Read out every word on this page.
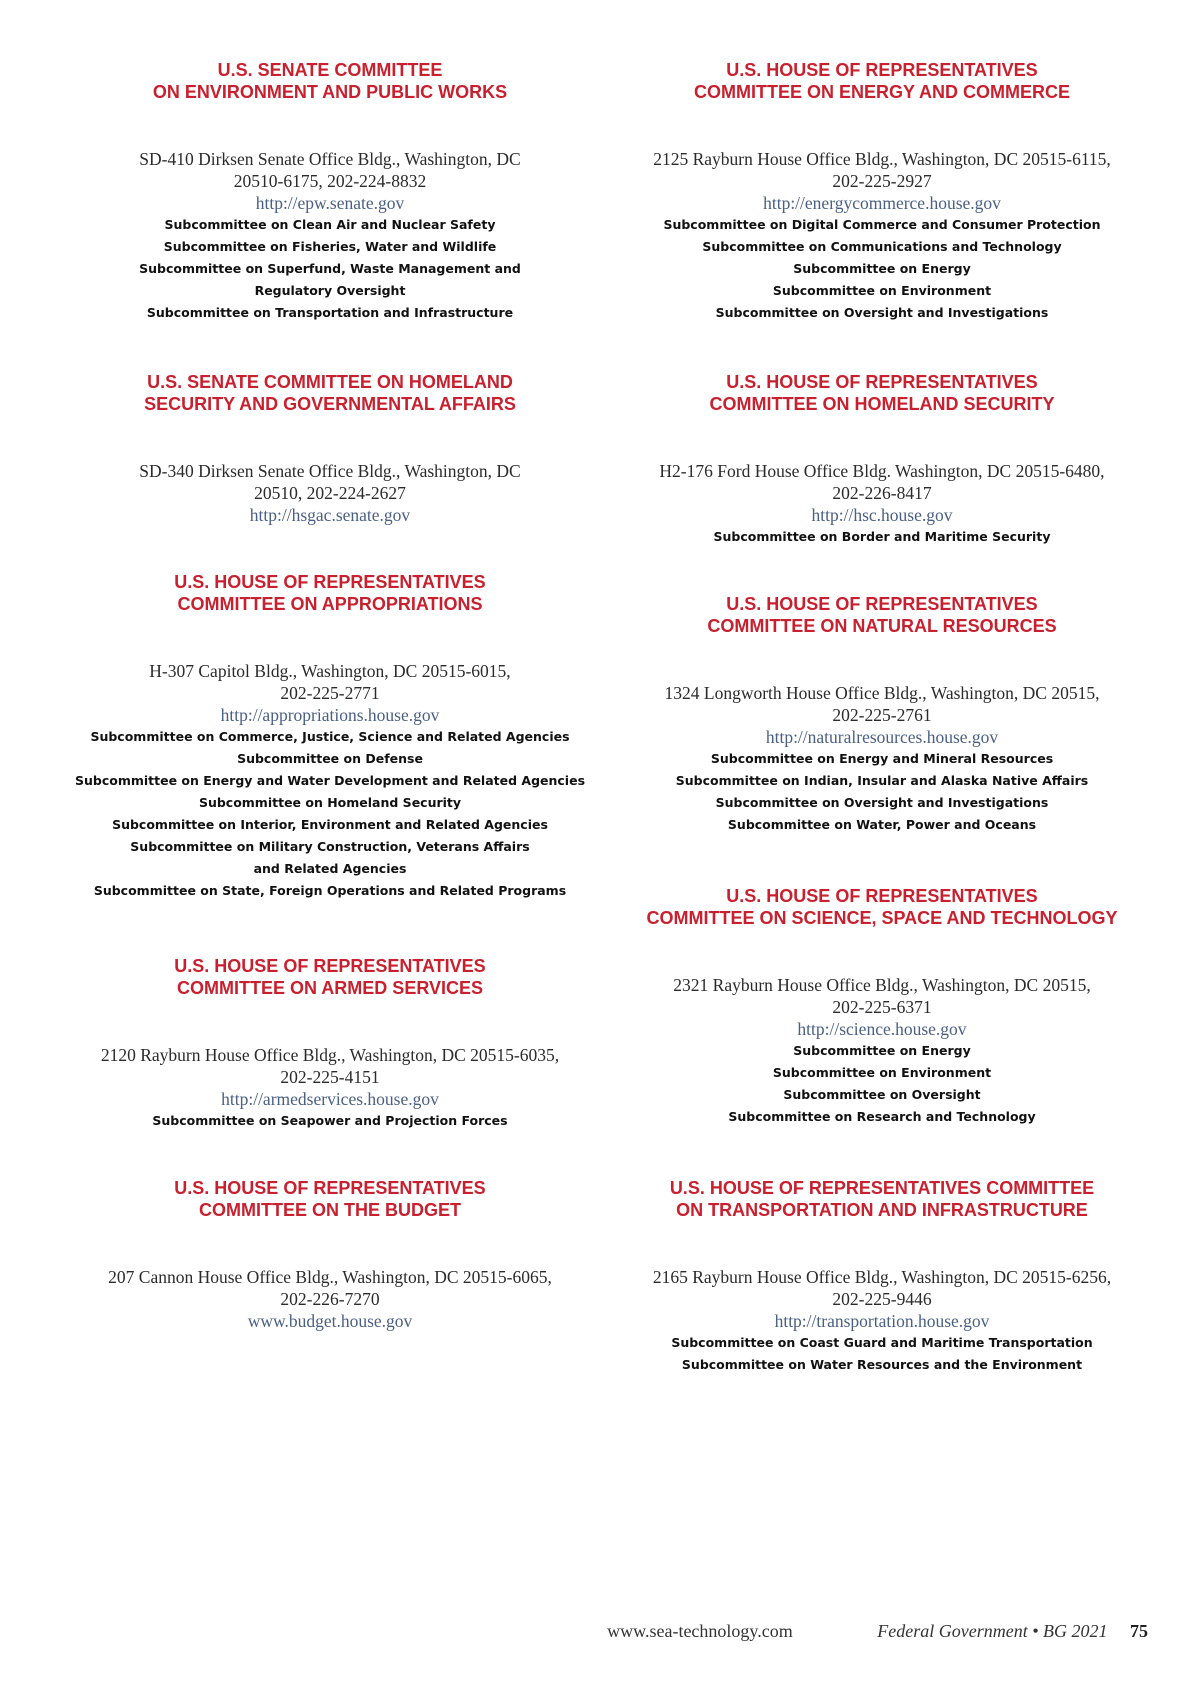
U.S. SENATE COMMITTEE
ON ENVIRONMENT AND PUBLIC WORKS

SD-410 Dirksen Senate Office Bldg., Washington, DC
20510-6175, 202-224-8832

http://epw.senate.gov
Subcommittee on Clean Air and Nuclear Safety
Subcommittee on Fisheries, Water and Wildlife
Subcommittee on Superfund, Waste Management and
Regulatory Oversight
Subcommittee on Transportation and Infrastructure
U.S. SENATE COMMITTEE ON HOMELAND
SECURITY AND GOVERNMENTAL AFFAIRS

SD-340 Dirksen Senate Office Bldg., Washington, DC
20510, 202-224-2627

http://hsgac.senate.gov
U.S. HOUSE OF REPRESENTATIVES
COMMITTEE ON APPROPRIATIONS

H-307 Capitol Bldg., Washington, DC 20515-6015,
202-225-2771

http://appropriations.house.gov
Subcommittee on Commerce, Justice, Science and Related Agencies
Subcommittee on Defense
Subcommittee on Energy and Water Development and Related Agencies
Subcommittee on Homeland Security
Subcommittee on Interior, Environment and Related Agencies
Subcommittee on Military Construction, Veterans Affairs
and Related Agencies
Subcommittee on State, Foreign Operations and Related Programs
U.S. HOUSE OF REPRESENTATIVES
COMMITTEE ON ARMED SERVICES

2120 Rayburn House Office Bldg., Washington, DC 20515-6035,
202-225-4151

http://armedservices.house.gov
Subcommittee on Seapower and Projection Forces
U.S. HOUSE OF REPRESENTATIVES
COMMITTEE ON THE BUDGET

207 Cannon House Office Bldg., Washington, DC 20515-6065,
202-226-7270

www.budget.house.gov
U.S. HOUSE OF REPRESENTATIVES
COMMITTEE ON ENERGY AND COMMERCE

2125 Rayburn House Office Bldg., Washington, DC 20515-6115,
202-225-2927

http://energycommerce.house.gov
Subcommittee on Digital Commerce and Consumer Protection
Subcommittee on Communications and Technology
Subcommittee on Energy
Subcommittee on Environment
Subcommittee on Oversight and Investigations
U.S. HOUSE OF REPRESENTATIVES
COMMITTEE ON HOMELAND SECURITY

H2-176 Ford House Office Bldg. Washington, DC 20515-6480,
202-226-8417

http://hsc.house.gov
Subcommittee on Border and Maritime Security
U.S. HOUSE OF REPRESENTATIVES
COMMITTEE ON NATURAL RESOURCES

1324 Longworth House Office Bldg., Washington, DC 20515,
202-225-2761

http://naturalresources.house.gov
Subcommittee on Energy and Mineral Resources
Subcommittee on Indian, Insular and Alaska Native Affairs
Subcommittee on Oversight and Investigations
Subcommittee on Water, Power and Oceans
U.S. HOUSE OF REPRESENTATIVES
COMMITTEE ON SCIENCE, SPACE AND TECHNOLOGY

2321 Rayburn House Office Bldg., Washington, DC 20515,
202-225-6371

http://science.house.gov
Subcommittee on Energy
Subcommittee on Environment
Subcommittee on Oversight
Subcommittee on Research and Technology
U.S. HOUSE OF REPRESENTATIVES COMMITTEE
ON TRANSPORTATION AND INFRASTRUCTURE

2165 Rayburn House Office Bldg., Washington, DC 20515-6256,
202-225-9446

http://transportation.house.gov
Subcommittee on Coast Guard and Maritime Transportation
Subcommittee on Water Resources and the Environment
www.sea-technology.com	Federal Government • BG 2021 75
